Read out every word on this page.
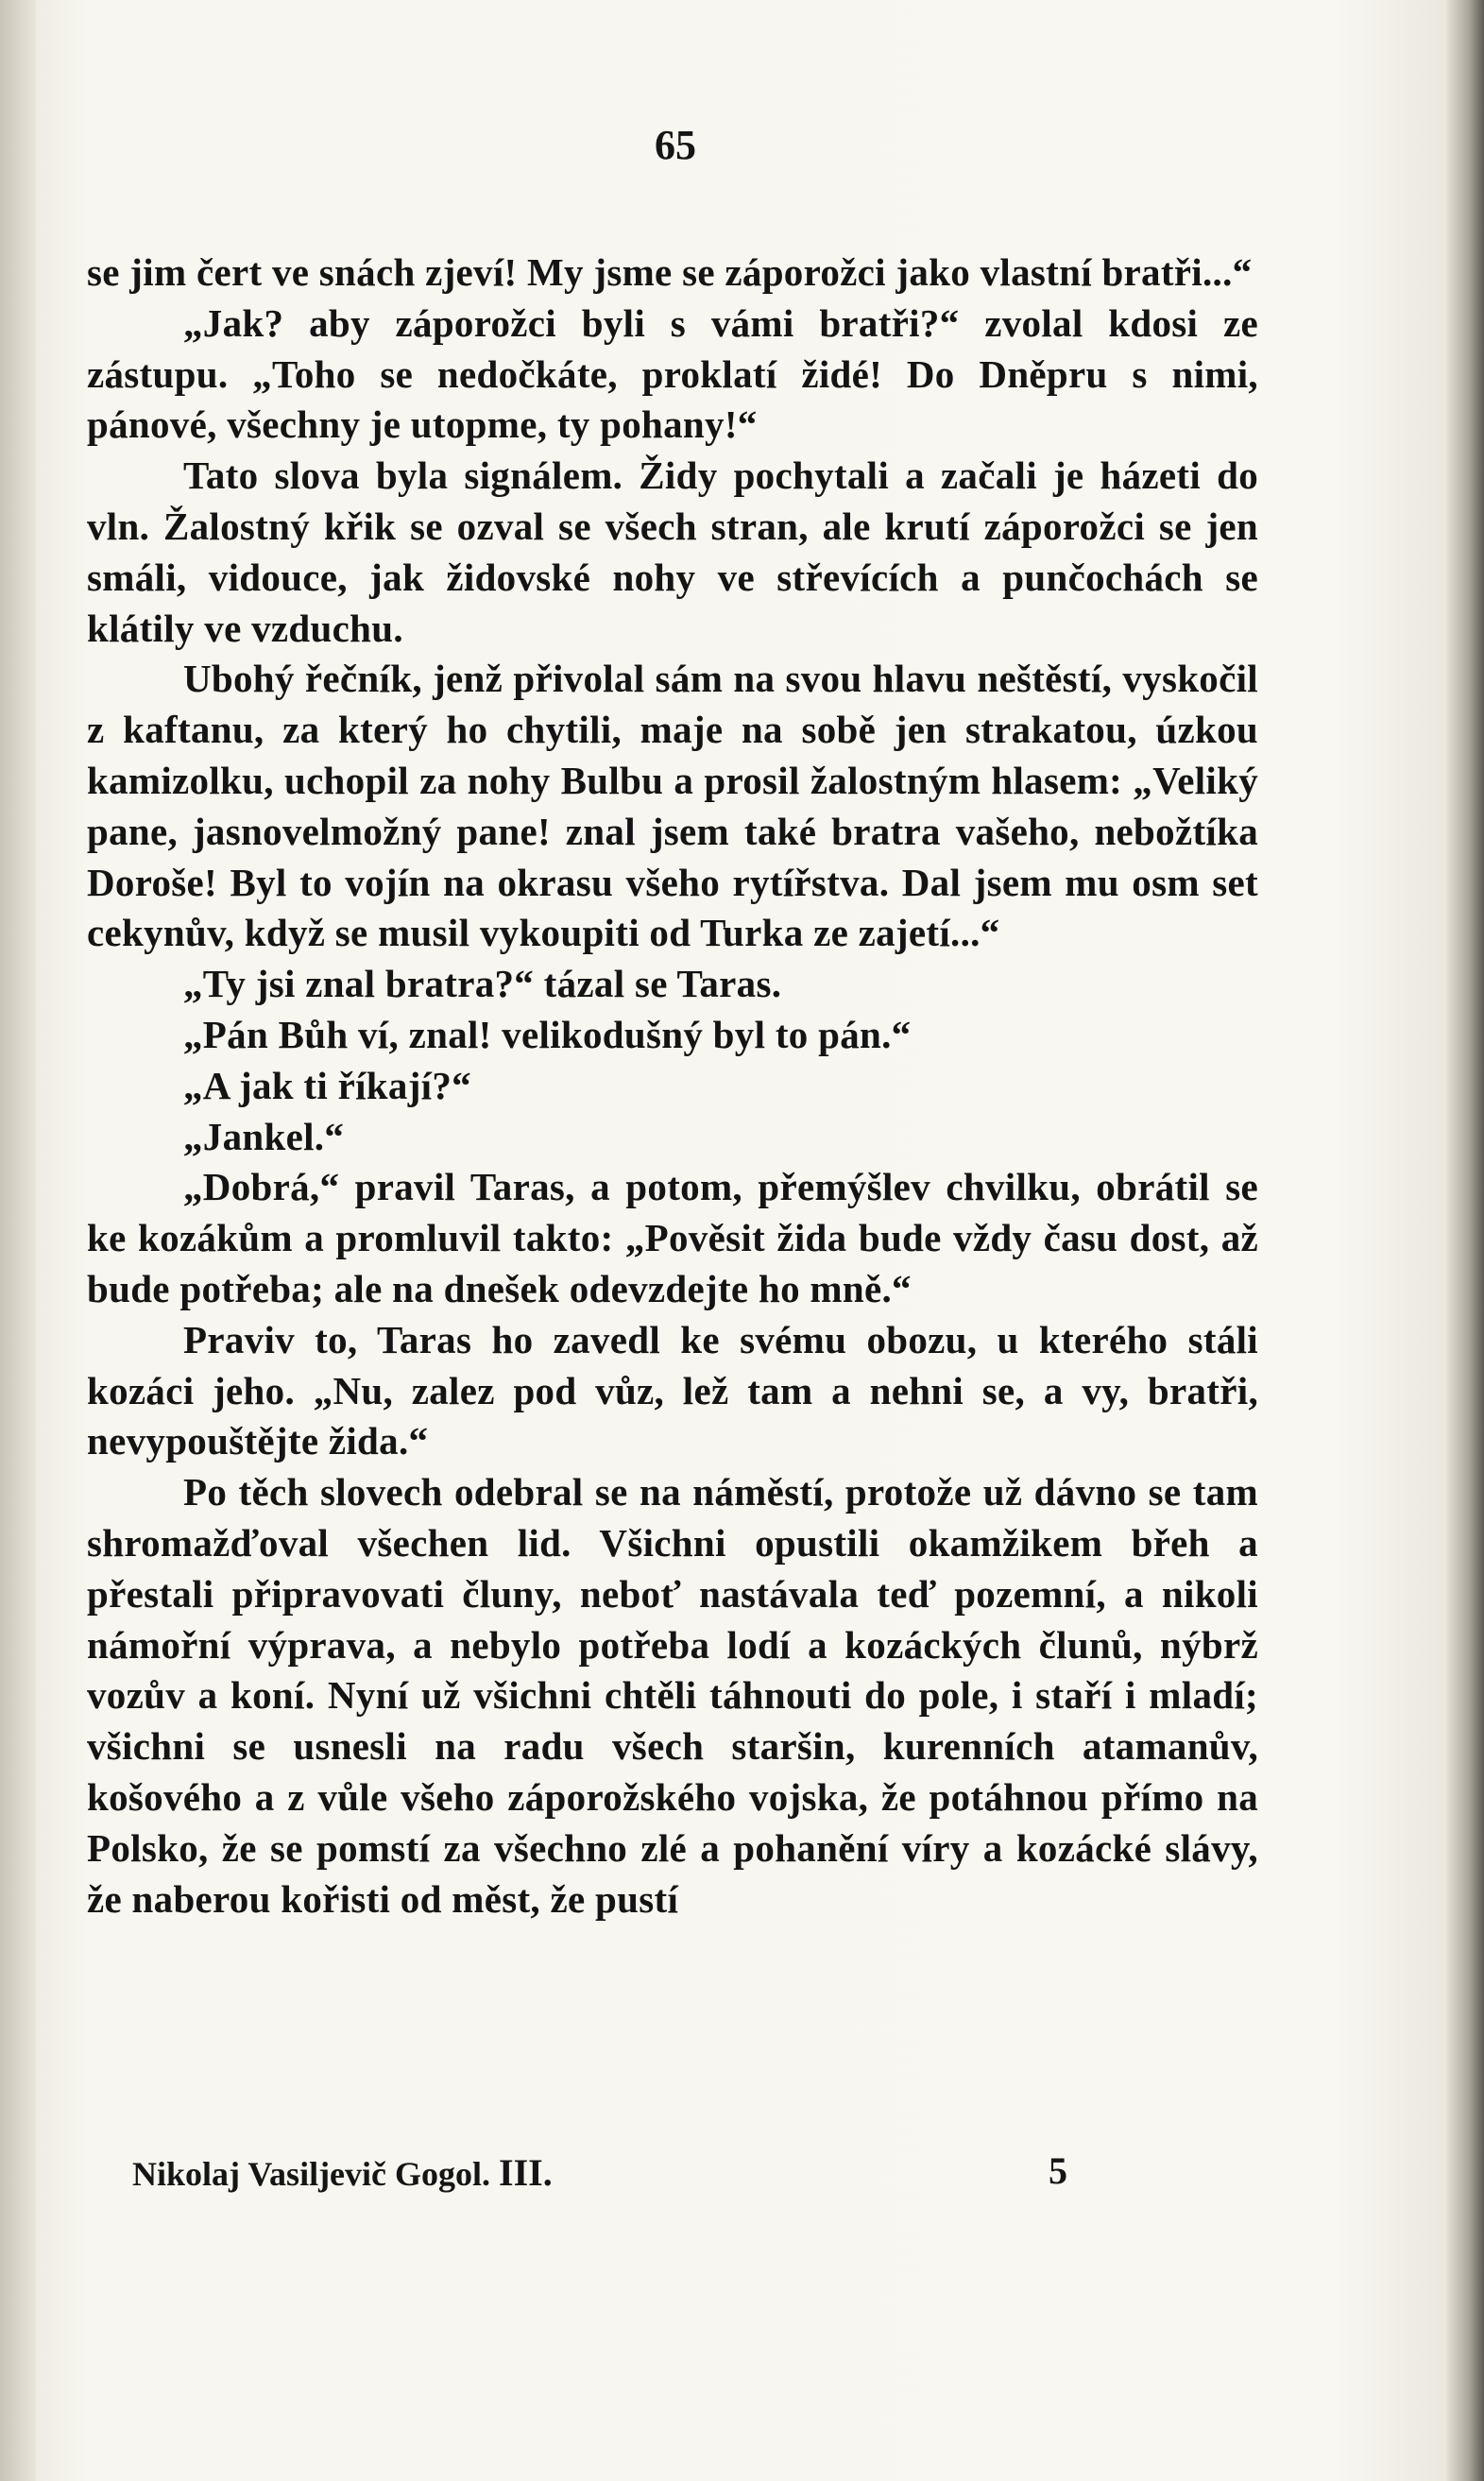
65

se jim čert ve snách zjeví! My jsme se záporožci jako vlastní bratři...“

„Jak? aby záporožci byli s vámi bratři?“ zvolal kdosi ze zástupu. „Toho se nedočkáte, proklatí židé! Do Dněpru s nimi, pánové, všechny je utopme, ty pohany!“

Tato slova byla signálem. Židy pochytali a začali je házeti do vln. Žalostný křik se ozval se všech stran, ale krutí záporožci se jen smáli, vidouce, jak židovské nohy ve střevících a punčochách se klátily ve vzduchu.

Ubohý řečník, jenž přivolal sám na svou hlavu neštěstí, vyskočil z kaftanu, za který ho chytili, maje na sobě jen strakatou, úzkou kamizolku, uchopil za nohy Bulbu a prosil žalostným hlasem: „Veliký pane, jasnovelmožný pane! znal jsem také bratra vašeho, nebožtíka Doroše! Byl to vojín na okrasu všeho rytířstva. Dal jsem mu osm set cekynův, když se musil vykoupiti od Turka ze zajetí...“

„Ty jsi znal bratra?“ tázal se Taras.

„Pán Bůh ví, znal! velikodušný byl to pán.“

„A jak ti říkají?“

„Jankel.“

„Dobrá,“ pravil Taras, a potom, přemýšlev chvilku, obrátil se ke kozákům a promluvil takto: „Pověsit žida bude vždy času dost, až bude potřeba; ale na dnešek odevzdejte ho mně.“

Praviv to, Taras ho zavedl ke svému obozu, u kterého stáli kozáci jeho. „Nu, zalez pod vůz, lež tam a nehni se, a vy, bratři, nevypouštějte žida.“

Po těch slovech odebral se na náměstí, protože už dávno se tam shromažďoval všechen lid. Všichni opustili okamžikem břeh a přestali připravovati čluny, neboť nastávala teď pozemní, a nikoli námořní výprava, a nebylo potřeba lodí a kozáckých člunů, nýbrž vozův a koní. Nyní už všichni chtěli táhnouti do pole, i staří i mladí; všichni se usnesli na radu všech staršin, kurenních atamanův, košového a z vůle všeho záporožského vojska, že potáhnou přímo na Polsko, že se pomstí za všechno zlé a pohanění víry a kozácké slávy, že naberou kořisti od měst, že pustí

Nikolaj Vasiljevič Gogol. III.	5
